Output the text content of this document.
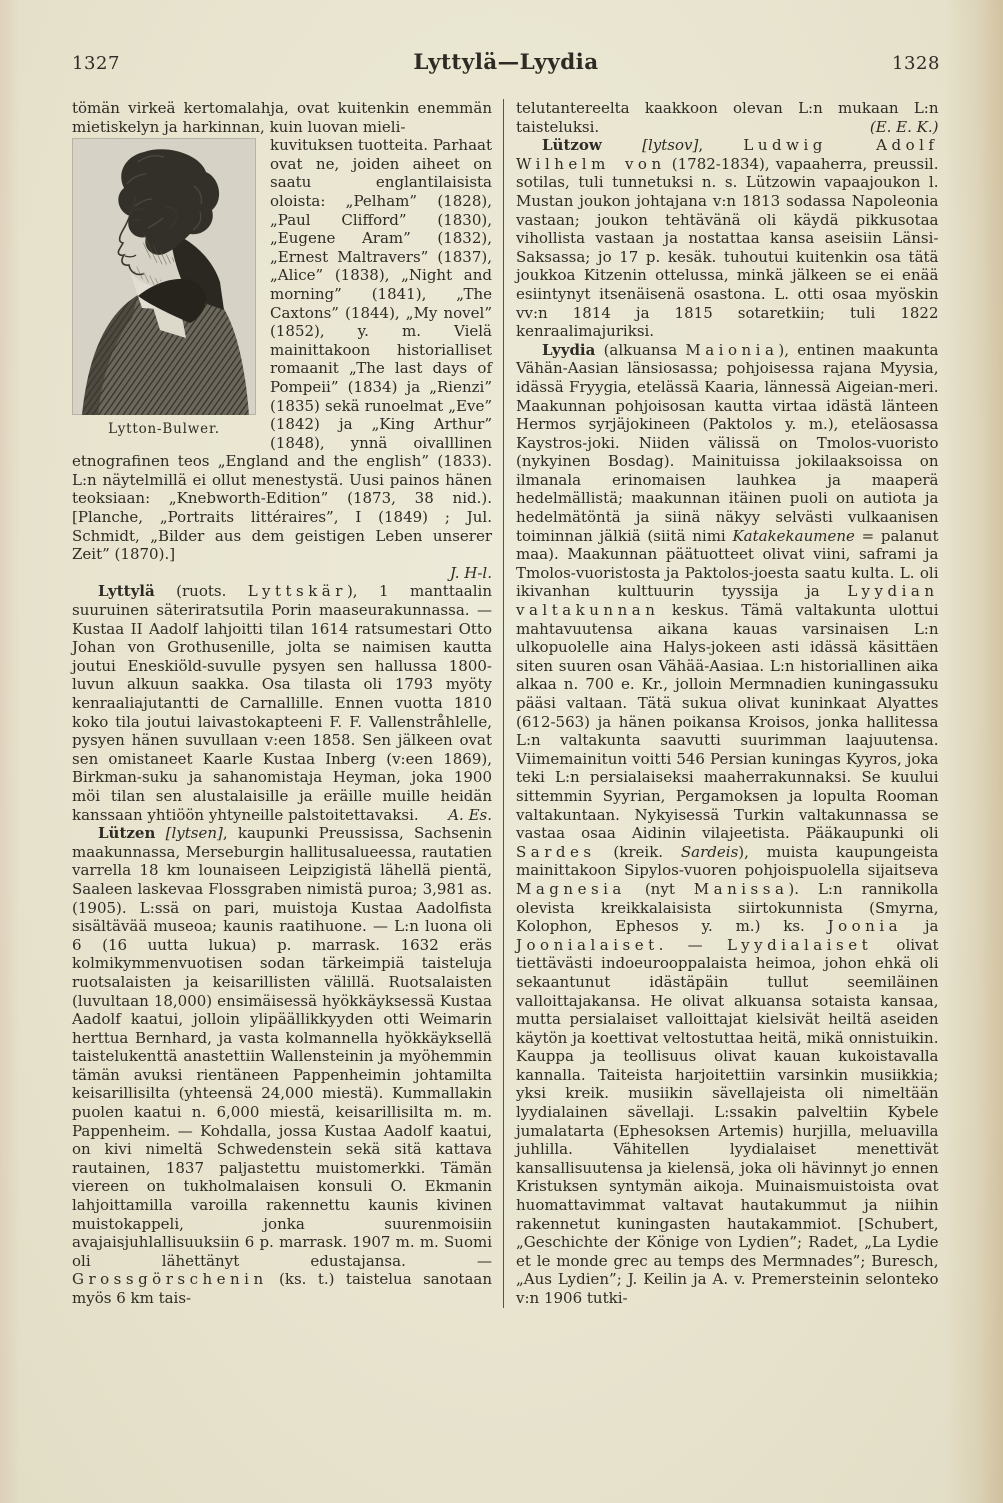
1327	Lyttylä—Lyydia	1328

tömän virkeä kertomalahja, ovat kuitenkin enemmän mietiskelyn ja harkinnan, kuin luovan mieli-

Lytton-Bulwer.
kuvituksen tuotteita. Parhaat ovat ne, joiden aiheet on saatu englantilaisista oloista: „Pelham” (1828), „Paul Clifford” (1830), „Eugene Aram” (1832), „Ernest Maltravers” (1837), „Alice” (1838), „Night and morning” (1841), „The Caxtons” (1844), „My novel” (1852), y. m. Vielä mainittakoon historialliset romaanit „The last days of Pompeii” (1834) ja „Rienzi” (1835) sekä runoelmat „Eve” (1842) ja „King Arthur” (1848), ynnä oivalllinen etnografinen teos „England and the english” (1833). L:n näytelmillä ei ollut menestystä. Uusi painos hänen teoksiaan: „Knebworth-Edition” (1873, 38 nid.). [Planche, „Portraits littéraires”, I (1849) ; Jul. Schmidt, „Bilder aus dem geistigen Leben unserer Zeit” (1870).]

J. H-l.

Lyttylä (ruots. Lyttskär), 1 manttaalin suuruinen säteriratsutila Porin maaseurakunnassa. — Kustaa II Aadolf lahjoitti tilan 1614 ratsumestari Otto Johan von Grothusenille, jolta se naimisen kautta joutui Eneskiöld-suvulle pysyen sen hallussa 1800-luvun alkuun saakka. Osa tilasta oli 1793 myöty kenraaliajutantti de Carnallille. Ennen vuotta 1810 koko tila joutui laivastokapteeni F. F. Vallenstråhlelle, pysyen hänen suvullaan v:een 1858. Sen jälkeen ovat sen omistaneet Kaarle Kustaa Inberg (v:een 1869), Birkman-suku ja sahanomistaja Heyman, joka 1900 möi tilan sen alustalaisille ja eräille muille heidän kanssaan yhtiöön yhtyneille palstoitettavaksi.	A. Es.

Lützen [lytsen], kaupunki Preussissa, Sachsenin maakunnassa, Merseburgin hallitusalueessa, rautatien varrella 18 km lounaiseen Leipzigistä lähellä pientä, Saaleen laskevaa Flossgraben nimistä puroa; 3,981 as. (1905). L:ssä on pari, muistoja Kustaa Aadolfista sisältävää museoa; kaunis raatihuone. — L:n luona oli 6 (16 uutta lukua) p. marrask. 1632 eräs kolmikymmenvuotisen sodan tärkeimpiä taisteluja ruotsalaisten ja keisarillisten välillä. Ruotsalaisten (luvultaan 18,000) ensimäisessä hyökkäyksessä Kustaa Aadolf kaatui, jolloin ylipäällikkyyden otti Weimarin herttua Bernhard, ja vasta kolmannella hyökkäyksellä taistelukenttä anastettiin Wallensteinin ja myöhemmin tämän avuksi rientäneen Pappenheimin johtamilta keisarillisilta (yhteensä 24,000 miestä). Kummallakin puolen kaatui n. 6,000 miestä, keisarillisilta m. m. Pappenheim. — Kohdalla, jossa Kustaa Aadolf kaatui, on kivi nimeltä Schwedenstein sekä sitä kattava rautainen, 1837 paljastettu muistomerkki. Tämän viereen on tukholmalaisen konsuli O. Ekmanin lahjoittamilla varoilla rakennettu kaunis kivinen muistokappeli, jonka suurenmoisiin avajaisjuhlallisuuksiin 6 p. marrask. 1907 m. m. Suomi oli lähettänyt edustajansa. — Grossgörschenin (ks. t.) taistelua sanotaan myös 6 km tais-

telutantereelta kaakkoon olevan L:n mukaan L:n taisteluksi.	(E. E. K.)

Lützow	[lytsov], Ludwig Adolf Wilhelm von (1782-1834), vapaaherra, preussil. sotilas, tuli tunnetuksi n. s. Lützowin vapaajoukon l. Mustan joukon johtajana v:n 1813 sodassa Napoleonia vastaan; joukon tehtävänä oli käydä pikkusotaa vihollista vastaan ja nostattaa kansa aseisiin Länsi-Saksassa; jo 17 p. kesäk. tuhoutui kuitenkin osa tätä joukkoa Kitzenin ottelussa, minkä jälkeen se ei enää esiintynyt itsenäisenä osastona. L. otti osaa myöskin vv:n 1814 ja 1815 sotaretkiin; tuli 1822 kenraalimajuriksi.

Lyydia (alkuansa Maionia), entinen maakunta Vähän-Aasian länsiosassa; pohjoisessa rajana Myysia, idässä Fryygia, etelässä Kaaria, lännessä Aigeian-meri. Maakunnan pohjoisosan kautta virtaa idästä länteen Hermos syrjäjokineen (Paktolos y. m.), eteläosassa Kaystros-joki. Niiden välissä on Tmolos-vuoristo (nykyinen Bosdag). Mainituissa jokilaaksoissa on ilmanala erinomaisen lauhkea ja maaperä hedelmällistä; maakunnan itäinen puoli on autiota ja hedelmätöntä ja siinä näkyy selvästi vulkaanisen toiminnan jälkiä (siitä nimi Katakekaumene = palanut maa). Maakunnan päätuotteet olivat viini, saframi ja Tmolos-vuoristosta ja Paktolos-joesta saatu kulta. L. oli ikivanhan kulttuurin tyyssija ja Lyydian valtakunnan keskus. Tämä valtakunta ulottui mahtavuutensa aikana kauas varsinaisen L:n ulkopuolelle aina Halys-jokeen asti idässä käsittäen siten suuren osan Vähää-Aasiaa. L:n historiallinen aika alkaa n. 700 e. Kr., jolloin Mermnadien kuningassuku pääsi valtaan. Tätä sukua olivat kuninkaat Alyattes (612-563) ja hänen poikansa Kroisos, jonka hallitessa L:n valtakunta saavutti suurimman laajuutensa. Viimemainitun voitti 546 Persian kuningas Kyyros, joka teki L:n persialaiseksi maaherrakunnaksi. Se kuului sittemmin Syyrian, Pergamoksen ja lopulta Rooman valtakuntaan. Nykyisessä Turkin valtakunnassa se vastaa osaa Aidinin vilajeetista. Pääkaupunki oli Sardes (kreik. Sardeis), muista kaupungeista mainittakoon Sipylos-vuoren pohjoispuolella sijaitseva Magnesia (nyt Manissa). L:n rannikolla olevista kreikkalaisista siirtokunnista (Smyrna, Kolophon, Ephesos y. m.) ks. Joonia ja Joonialaiset. — Lyydialaiset olivat tiettävästi indoeurooppalaista heimoa, johon ehkä oli sekaantunut idästäpäin tullut seemiläinen valloittajakansa. He olivat alkuansa sotaista kansaa, mutta persialaiset valloittajat kielsivät heiltä aseiden käytön ja koettivat veltostuttaa heitä, mikä onnistuikin. Kauppa ja teollisuus olivat kauan kukoistavalla kannalla. Taiteista harjoitettiin varsinkin musiikkia; yksi kreik. musiikin sävellajeista oli nimeltään lyydialainen sävellaji. L:ssakin palveltiin Kybele jumalatarta (Ephesoksen Artemis) hurjilla, meluavilla juhlilla. Vähitellen lyydialaiset menettivät kansallisuutensa ja kielensä, joka oli hävinnyt jo ennen Kristuksen syntymän aikoja. Muinaismuistoista ovat huomattavimmat valtavat hautakummut ja niihin rakennetut kuningasten hautakammiot. [Schubert, „Geschichte der Könige von Lydien”; Radet, „La Lydie et le monde grec au temps des Mermnades”; Buresch, „Aus Lydien”; J. Keilin ja A. v. Premersteinin selonteko v:n 1906 tutki-
